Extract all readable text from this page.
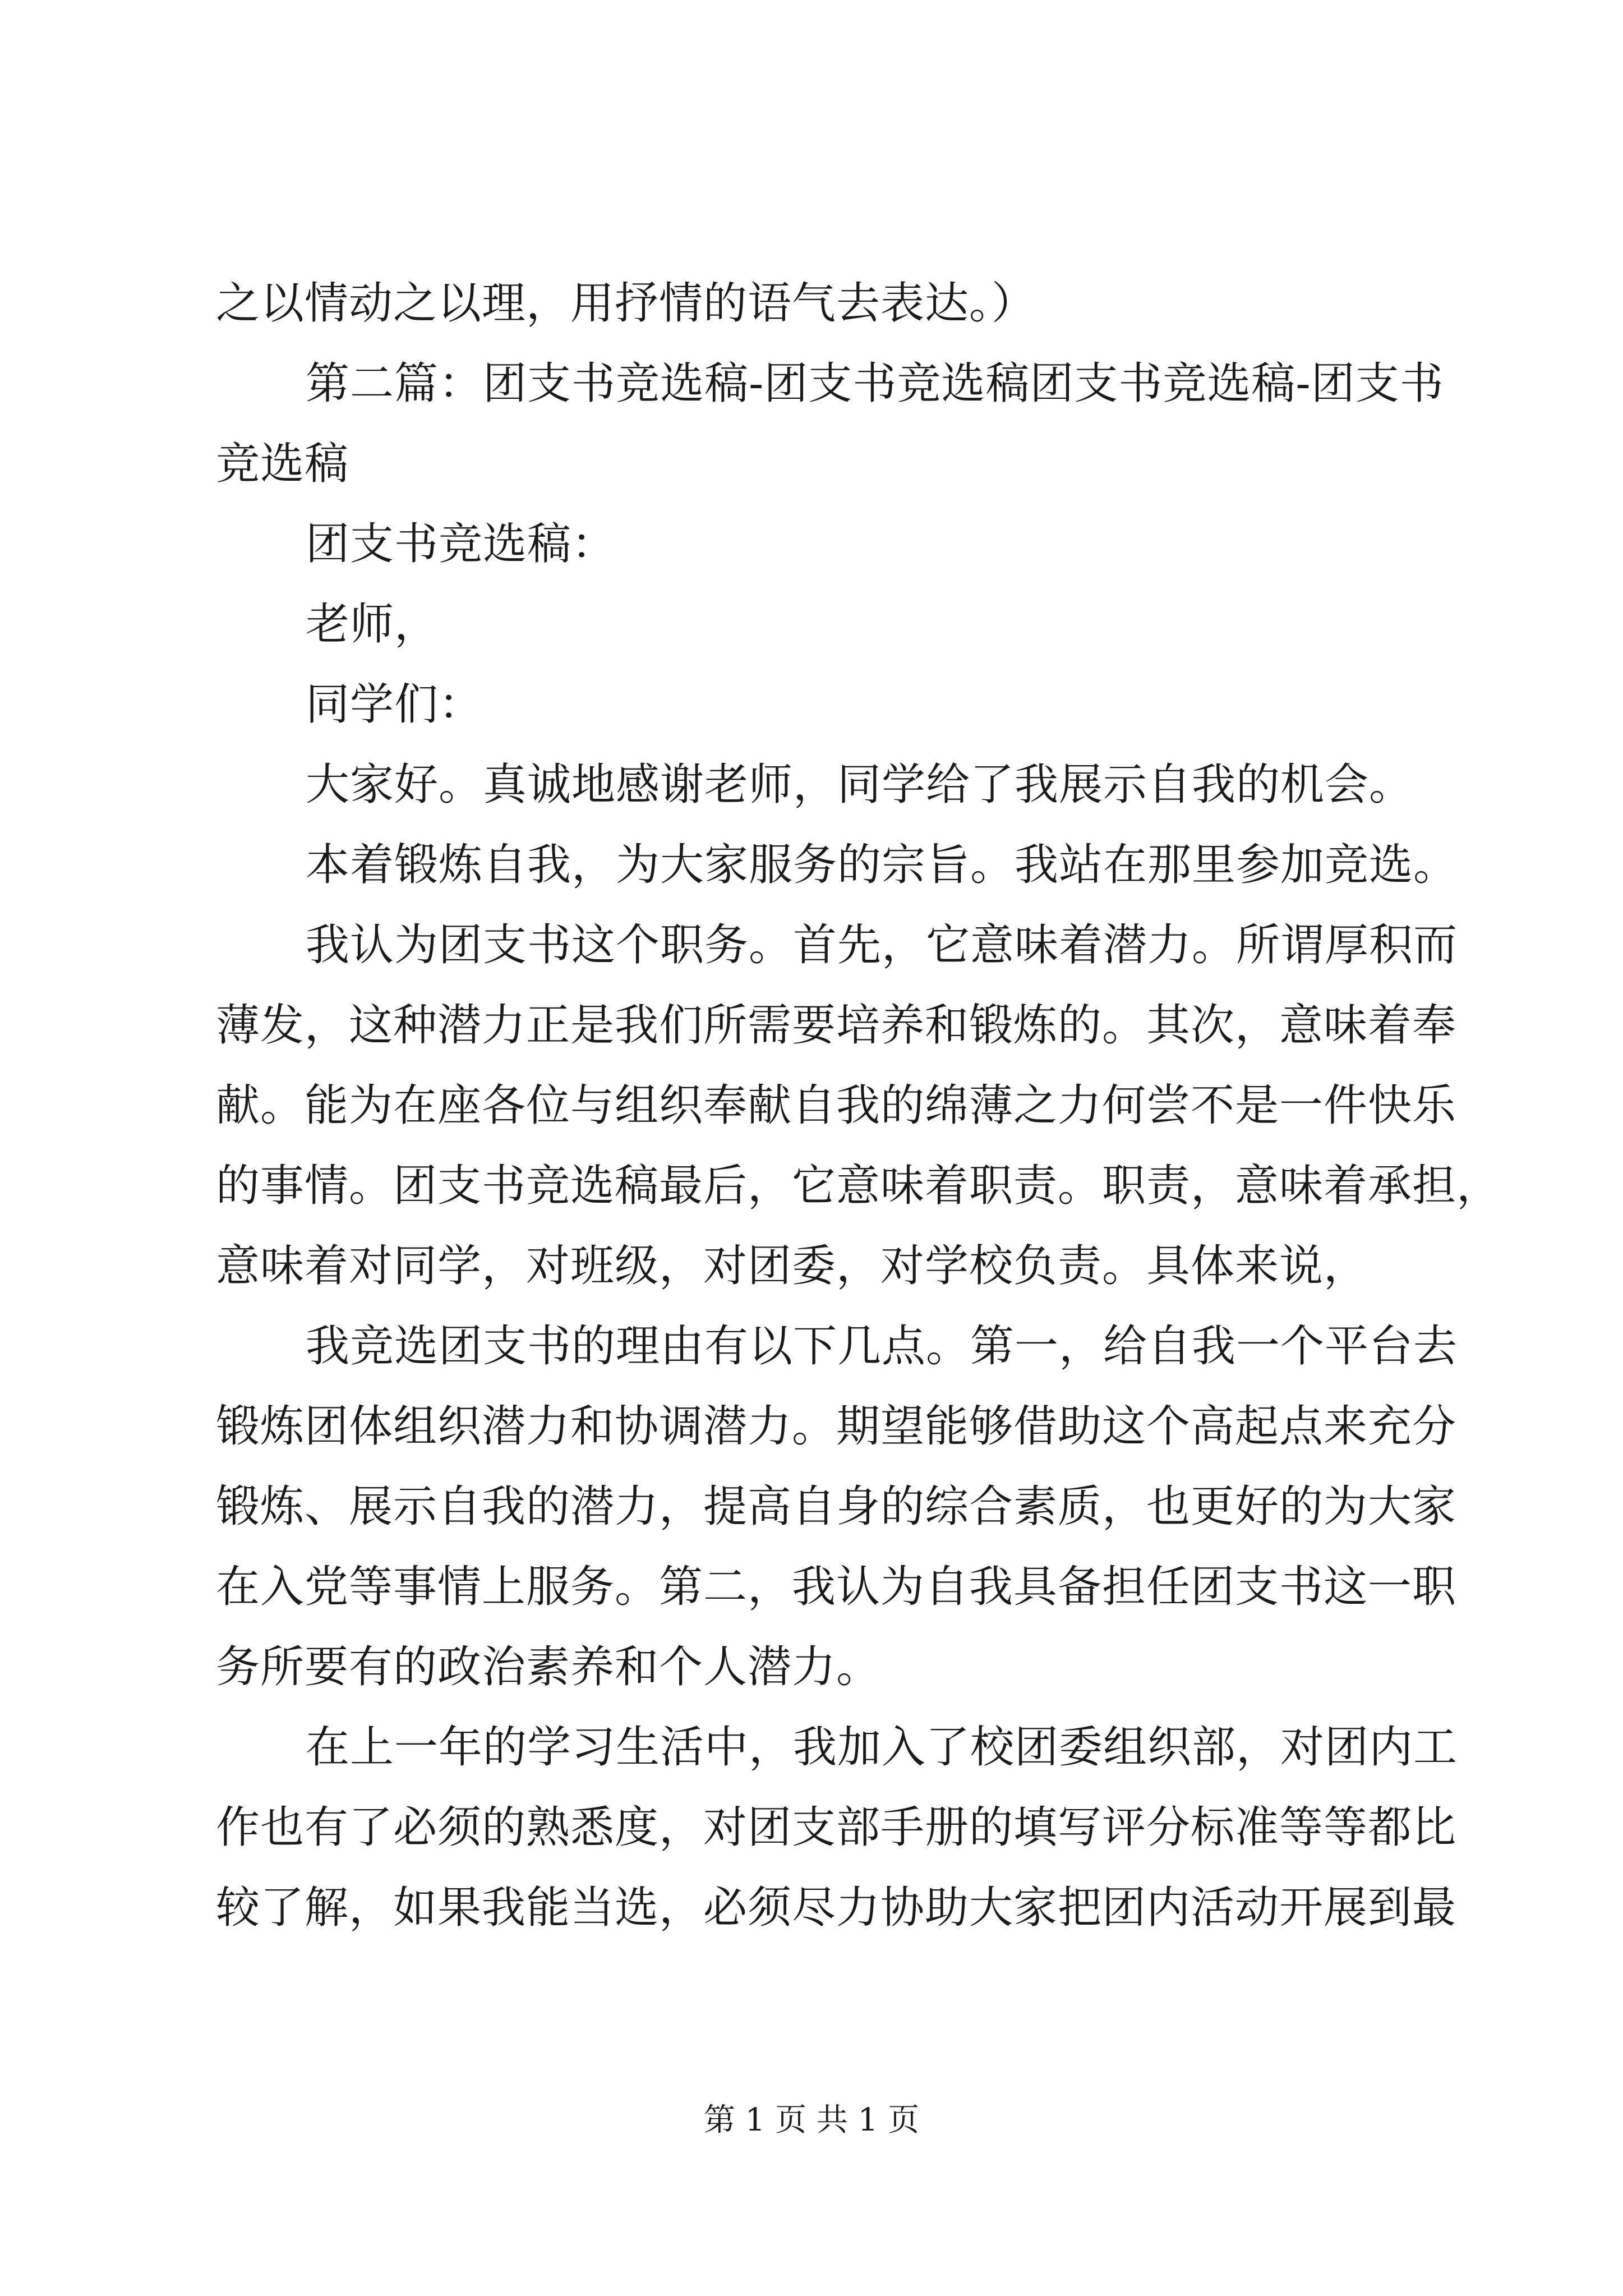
之以情动之以理，用抒情的语气去表达。）
第二篇：团支书竞选稿-团支书竞选稿团支书竞选稿-团支书
竞选稿
团支书竞选稿：
老师，
同学们：
大家好。真诚地感谢老师，同学给了我展示自我的机会。
本着锻炼自我，为大家服务的宗旨。我站在那里参加竞选。
我认为团支书这个职务。首先，它意味着潜力。所谓厚积而
薄发，这种潜力正是我们所需要培养和锻炼的。其次，意味着奉
献。能为在座各位与组织奉献自我的绵薄之力何尝不是一件快乐
的事情。团支书竞选稿最后，它意味着职责。职责，意味着承担，
意味着对同学，对班级，对团委，对学校负责。具体来说，
我竞选团支书的理由有以下几点。第一，给自我一个平台去
锻炼团体组织潜力和协调潜力。期望能够借助这个高起点来充分
锻炼、展示自我的潜力，提高自身的综合素质，也更好的为大家
在入党等事情上服务。第二，我认为自我具备担任团支书这一职
务所要有的政治素养和个人潜力。
在上一年的学习生活中，我加入了校团委组织部，对团内工
作也有了必须的熟悉度，对团支部手册的填写评分标准等等都比
较了解，如果我能当选，必须尽力协助大家把团内活动开展到最
第 1 页 共 1 页
